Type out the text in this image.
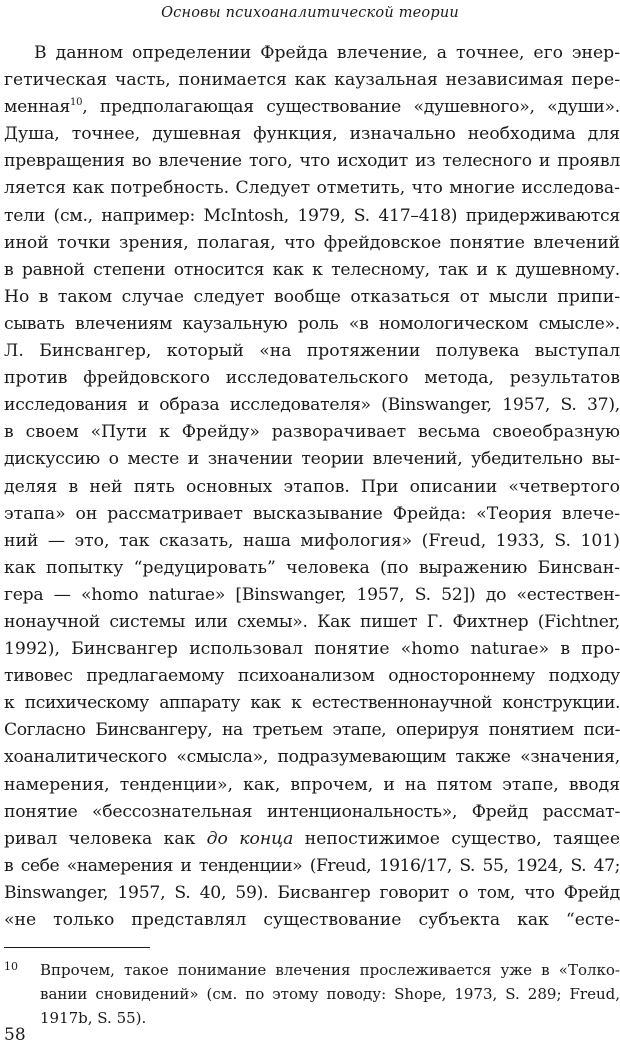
Основы психоаналитической теории
В данном определении Фрейда влечение, а точнее, его энер-
гетическая часть, понимается как каузальная независимая пере-
менная$^{10}$, предполагающая существование «душевного», «души».
Душа, точнее, душевная функция, изначально необходима для
превращения во влечение того, что исходит из телесного и проявл
ляется как потребность. Следует отметить, что многие исследова-
тели (см., например: McIntosh, 1979, S. 417–418) придерживаются
иной точки зрения, полагая, что фрейдовское понятие влечений
в равной степени относится как к телесному, так и к душевному.
Но в таком случае следует вообще отказаться от мысли припи-
сывать влечениям каузальную роль «в номологическом смысле».
Л. Бинсвангер, который «на протяжении полувека выступал
против фрейдовского исследовательского метода, результатов
исследования и образа исследователя» (Binswanger, 1957, S. 37),
в своем «Пути к Фрейду» разворачивает весьма своеобразную
дискуссию о месте и значении теории влечений, убедительно вы-
деляя в ней пять основных этапов. При описании «четвертого
этапа» он рассматривает высказывание Фрейда: «Теория влече-
ний — это, так сказать, наша мифология» (Freud, 1933, S. 101)
как попытку “редуцировать” человека (по выражению Бинсван-
гера — «homo naturae» [Binswanger, 1957, S. 52]) до «естествен-
нонаучной системы или схемы». Как пишет Г. Фихтнер (Fichtner,
1992), Бинсвангер использовал понятие «homo naturae» в про-
тивовес предлагаемому психоанализом одностороннему подходу
к психическому аппарату как к естественнонаучной конструкции.
Согласно Бинсвангеру, на третьем этапе, оперируя понятием пси-
хоаналитического «смысла», подразумевающим также «значения,
намерения, тенденции», как, впрочем, и на пятом этапе, вводя
понятие «бессознательная интенциональность», Фрейд рассмат-
ривал человека как до конца непостижимое существо, таящее
в себе «намерения и тенденции» (Freud, 1916/17, S. 55, 1924, S. 47;
Binswanger, 1957, S. 40, 59). Бисвангер говорит о том, что Фрейд
«не только представлял существование субъекта как “есте-
10	Впрочем, такое понимание влечения прослеживается уже в «Толко-
вании сновидений» (см. по этому поводу: Shope, 1973, S. 289; Freud,
1917b, S. 55).
58
